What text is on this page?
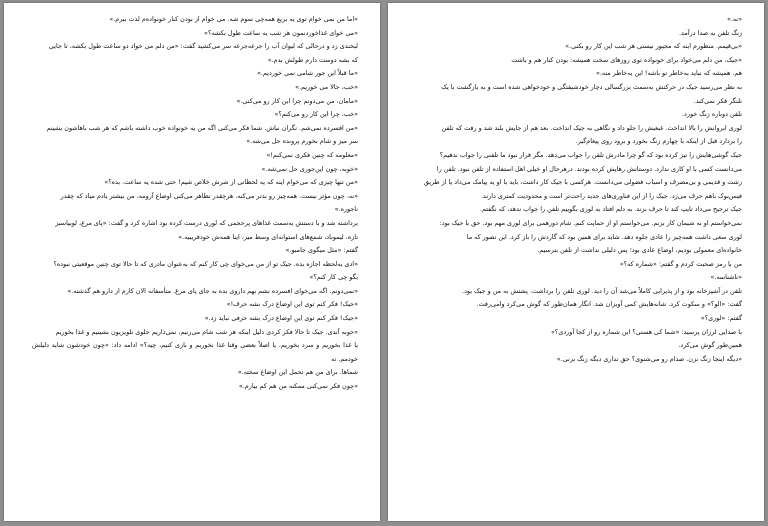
«اما من نمی خوام توی یه بریع همه‌چی تموم شه. می خوام از بودن کنار خونواده‌م لذت ببرم.»

«می خوای غذاخوردنمون هر شب یه ساعت طول بکشه؟»

لبخندی زد و درحالی که لیوان آب را جرعه‌جرعه سر می‌کشید گفت: «من دلم می خواد دو ساعت طول بکشه، تا جایی

که بشه دوست دارم طولش بدم.»

«ما قبلاً این جور شامی نمی خوردیم.»

«خب، حالا می خوریم.»

«مامان، من می‌دونم چرا این کار رو می‌کنی.»

«خب، چرا این کار رو می‌کنم؟»

«من افسرده نمی‌شم. نگران نباش. شما فکر می‌کنی اگه من یه خونواده‌ خوب داشته باشم که هر شب باهاشون بشینم

سر میز و شام بخورم پرونده حل می‌شه.»

«معلومه که چنین فکری نمی‌کنم!»

«خوبه، چون این‌جوری حل نمی‌شه.»

«من تنها چیزی که می‌خوام اینه که یه لحظاتی از شرش خلاص شیم! حتی شده یه ساعت. بده؟»

«نه، چون مؤثر نیست. همه‌چیز رو بدتر می‌کنه. هرچقدر تظاهر می‌کنی اوضاع آرومه، من بیشتر یادم میاد که چقدر

ناجوره.»

برداشته شد و با دستش به‌سمت غذاهای پرحجمی که لوری درست کرده بود اشاره کرد و گفت: «پای مرغ، لوبیاسبز

تازه، لیموناد، شمع‌های استوانه‌ای وسط میز، اینا همه‌ش خودفریبیه.»

گفتم: «مثل میگوی جامبو.»

«ادی یه‌لحظه اجازه بده. جیک تو از من می‌خوای چی کار کنم که به‌عنوان مادری که تا حالا توی چنین موقعیتی نبوده؟

بگو چی کار کنم؟»

«نمی‌دونم. اگه می‌خوای افسرده نشم بهم داروی بده به جای پای مرغ. متأسفانه الان کارم از دارو هم گذشته.»

«جیک! فکر کنم توی این اوضاع درک بشه حرف!»

«جیک! فکر کنم توی این اوضاع درک بشه حرفی نباید زد.»

«خوبه آندی. جیک تا حالا فکر کردی دلیل اینکه هر شب شام می‌زنیم، نمی‌ذاریم جلوی تلویزیون بشینیم و غذا بخوریم

یا غذا بخوریم و سرد بخوریم، یا اصلاً بعضی وقتا غذا نخوریم و بازی کنیم، چیه؟» ادامه داد: «چون خودشون شاید دلیلش خودمم. نه

شماها. برای من هم تحمل این اوضاع سخته.»

«چون فکر نمی‌کنی ممکنه من هم کم بیارم.»

«نه.»

زنگ تلفن به صدا درآمد.

«بی‌قیمم. منظورم اینه که مجبور نیستی هر شب این کار رو بکنی.»

«جیک، من دلم می‌خواد برای خونواده توی روزهای سخت همیشه: بودن کنار هم و باشت

هم. همیشه که نباید به‌خاطر تو باشه! این یه‌خاطر منه.»

به نظر می‌رسید جیک در حرکتش به‌سمت بزرگسالی دچار خودشیفتگی و خودخواهی شده است و به بازگشت با یک

تلنگر فکر نمی‌کند.

تلفن دوباره زنگ خورد.

لوری ابروانش را بالا انداخت. غبغبش را جلو داد و نگاهی به جیک انداخت. بعد هم از جایش بلند شد و رفت که تلفن

را بردارد قبل از اینکه با چهارم زنگ بخورد و برود روی پیغام‌گیر.

جیک گوشی‌هایش را تیز کرده بود که گو چرا مادرش تلفن را جواب می‌دهد. مگر قرار نبود ما تلفنی را جواب ندهیم؟

می‌دانست کسی با او کاری ندارد. دوستانش رهایش کرده بودند. درهرحال او خیلی اهل استفاده از تلفن نبود. تلفن را

زشت و قدیمی و بی‌مصرف و اسباب فضولی می‌دانست. هرکسی با جیک کار داشت، باید با او یه پیامک می‌داد یا از طریق

فیس‌بوک باهم حرف می‌زد. جیک را از این فناوری‌های جدید راحت‌تر است و محدودیت کمتری دارند.

جیک ترجیح می‌داد تایپ کند تا حرف بزند. به دلم افتاد به لوری بگوییم تلفن را جواب ندهد، که نگفتم.

نمی‌خواستم او به شیمان کار بزنم. می‌خواستم او از حمایت کنم. شام دورهمی برای لوری مهم بود. حق با جیک بود:

لوری سعی داشت همه‌چیز را عادی جلوه دهد. شاید برای همین بود که گاردش را باز کرد. این تصور که ما

خانواده‌ای معمولی بودیم، اوضاع عادی بود؛ پس دلیلی نداشت از تلفن بترسیم.

من با رمز صحبت کردم و گفتم: «شماره که؟»

«ناشناسه.»

تلفن در آشپزخانه بود و از پذیرایی کاملاً می‌شد آن را دید. لوری تلفن را برداشت. پشتش به من و جیک بود.

گفت: «الو؟» و سکوت کرد. شانه‌هایش کمی آویزان شد. انگار همان‌طور که گوش می‌کرد وامی‌رفت.

گفتم: «لوری؟»

با صدایی لرزان پرسید: «شما کی هستی؟ این شماره رو از کجا آوردی؟»

همین‌طور گوش می‌کرد.

«دیگه اینجا زنگ نزن. صدام رو می‌شنوی؟ حق نداری دیگه زنگ بزنی.»
